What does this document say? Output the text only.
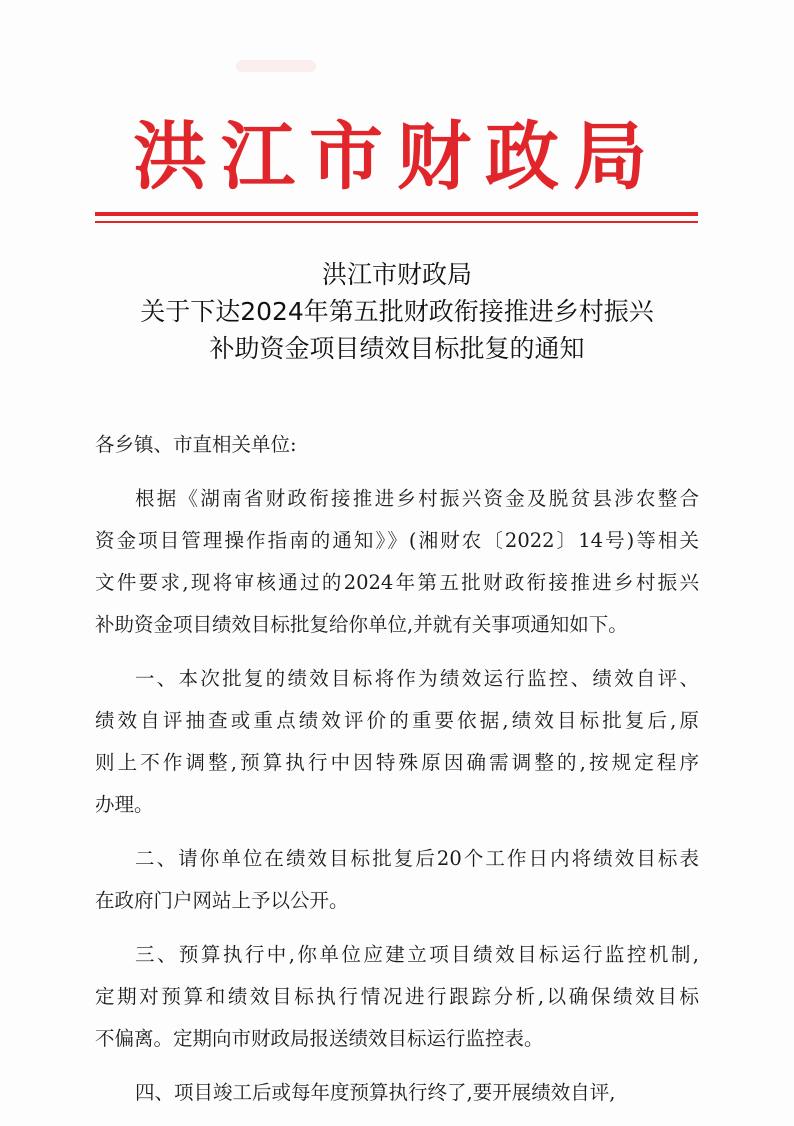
洪江市财政局
洪江市财政局
关于下达2024年第五批财政衔接推进乡村振兴
补助资金项目绩效目标批复的通知
各乡镇、市直相关单位:
根据《湖南省财政衔接推进乡村振兴资金及脱贫县涉农整合
资金项目管理操作指南的通知》》(湘财农〔2022〕14号)等相关
文件要求,现将审核通过的2024年第五批财政衔接推进乡村振兴
补助资金项目绩效目标批复给你单位,并就有关事项通知如下。
一、本次批复的绩效目标将作为绩效运行监控、绩效自评、
绩效自评抽查或重点绩效评价的重要依据,绩效目标批复后,原
则上不作调整,预算执行中因特殊原因确需调整的,按规定程序
办理。
二、请你单位在绩效目标批复后20个工作日内将绩效目标表
在政府门户网站上予以公开。
三、预算执行中,你单位应建立项目绩效目标运行监控机制,
定期对预算和绩效目标执行情况进行跟踪分析,以确保绩效目标
不偏离。定期向市财政局报送绩效目标运行监控表。
四、项目竣工后或每年度预算执行终了,要开展绩效自评,
